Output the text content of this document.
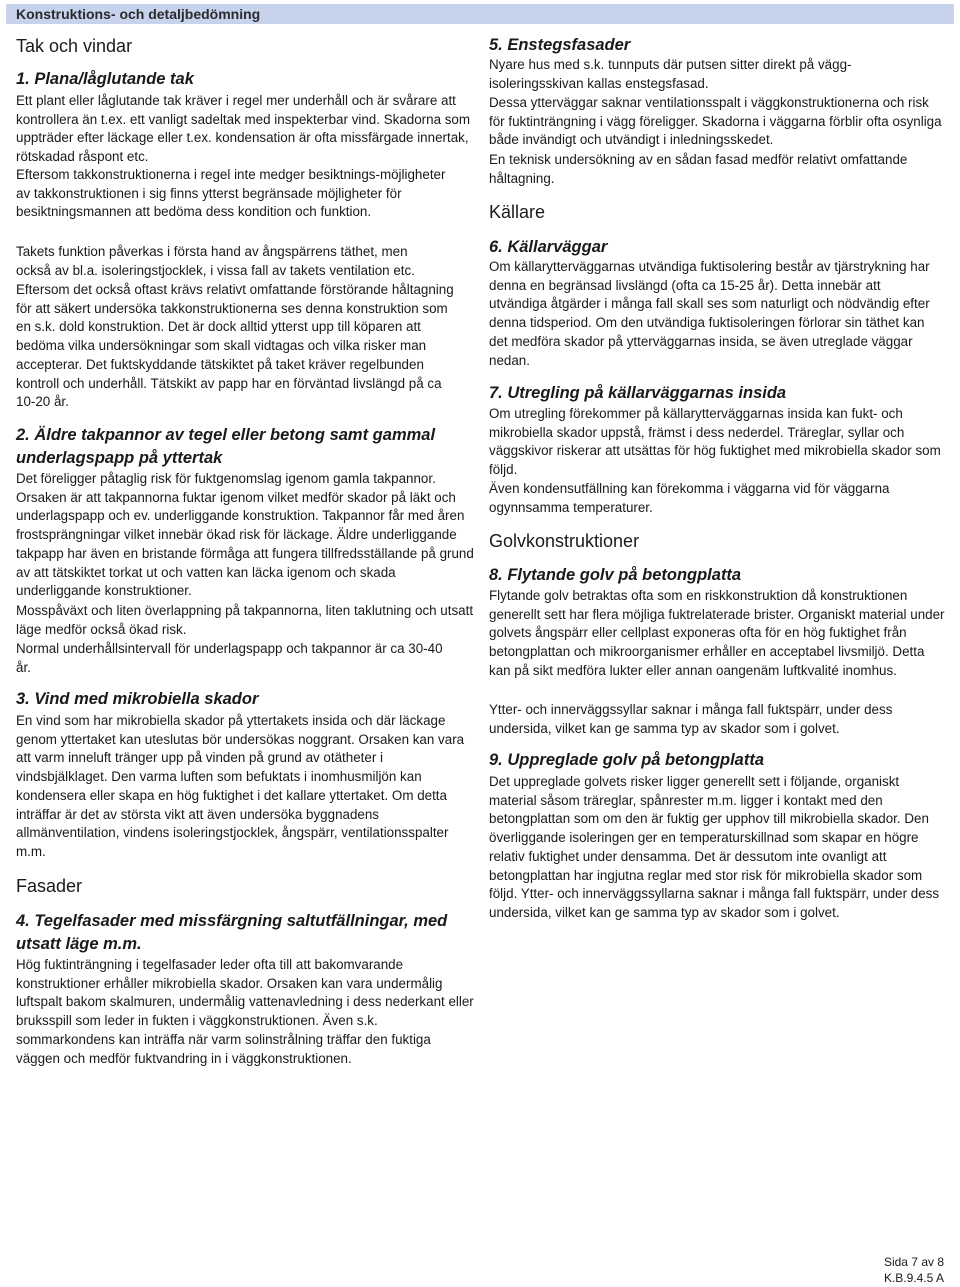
Konstruktions- och detaljbedömning
Tak och vindar
1. Plana/låglutande tak

Ett plant eller låglutande tak kräver i regel mer underhåll och är svårare att kontrollera än t.ex. ett vanligt sadeltak med inspekterbar vind. Skadorna som uppträder efter läckage eller t.ex. kondensation är ofta missfärgade innertak, rötskadad råspont etc.

Eftersom takkonstruktionerna i regel inte medger besiktnings-möjligheter av takkonstruktionen i sig finns ytterst begränsade möjligheter för besiktningsmannen att bedöma dess kondition och funktion.

Takets funktion påverkas i första hand av ångspärrens täthet, men också av bl.a. isoleringstjocklek, i vissa fall av takets ventilation etc.

Eftersom det också oftast krävs relativt omfattande förstörande håltagning för att säkert undersöka takkonstruktionerna ses denna konstruktion som en s.k. dold konstruktion. Det är dock alltid ytterst upp till köparen att bedöma vilka undersökningar som skall vidtagas och vilka risker man accepterar. Det fuktskyddande tätskiktet på taket kräver regelbunden kontroll och underhåll. Tätskikt av papp har en förväntad livslängd på ca 10-20 år.

2. Äldre takpannor av tegel eller betong samt gammal underlagspapp på yttertak

Det föreligger påtaglig risk för fuktgenomslag igenom gamla takpannor. Orsaken är att takpannorna fuktar igenom vilket medför skador på läkt och underlagspapp och ev. underliggande konstruktion. Takpannor får med åren frostsprängningar vilket innebär ökad risk för läckage. Äldre underliggande takpapp har även en bristande förmåga att fungera tillfredsställande på grund av att tätskiktet torkat ut och vatten kan läcka igenom och skada underliggande konstruktioner.

Mosspåväxt och liten överlappning på takpannorna, liten taklutning och utsatt läge medför också ökad risk.

Normal underhållsintervall för underlagspapp och takpannor är ca 30-40 år.

3. Vind med mikrobiella skador

En vind som har mikrobiella skador på yttertakets insida och där läckage genom yttertaket kan uteslutas bör undersökas noggrant. Orsaken kan vara att varm inneluft tränger upp på vinden på grund av otätheter i vindsbjälklaget. Den varma luften som befuktats i inomhusmiljön kan kondensera eller skapa en hög fuktighet i det kallare yttertaket. Om detta inträffar är det av största vikt att även undersöka byggnadens allmänventilation, vindens isoleringstjocklek, ångspärr, ventilationsspalter m.m.

Fasader
4. Tegelfasader med missfärgning saltutfällningar, med utsatt läge m.m.

Hög fuktinträngning i tegelfasader leder ofta till att bakomvarande konstruktioner erhåller mikrobiella skador. Orsaken kan vara undermålig luftspalt bakom skalmuren, undermålig vattenavledning i dess nederkant eller bruksspill som leder in fukten i väggkonstruktionen. Även s.k. sommarkondens kan inträffa när varm solinstrålning träffar den fuktiga väggen och medför fuktvandring in i väggkonstruktionen.

5. Enstegsfasader

Nyare hus med s.k. tunnputs där putsen sitter direkt på vägg-isoleringsskivan kallas enstegsfasad.

Dessa ytterväggar saknar ventilationsspalt i väggkonstruktionerna och risk för fuktinträngning i vägg föreligger. Skadorna i väggarna förblir ofta osynliga både invändigt och utvändigt i inledningsskedet.

En teknisk undersökning av en sådan fasad medför relativt omfattande håltagning.

Källare
6. Källarväggar

Om källarytterväggarnas utvändiga fuktisolering består av tjärstrykning har denna en begränsad livslängd (ofta ca 15-25 år). Detta innebär att utvändiga åtgärder i många fall skall ses som naturligt och nödvändig efter denna tidsperiod. Om den utvändiga fuktisoleringen förlorar sin täthet kan det medföra skador på ytterväggarnas insida, se även utreglade väggar nedan.

7. Utregling på källarväggarnas insida

Om utregling förekommer på källarytterväggarnas insida kan fukt- och mikrobiella skador uppstå, främst i dess nederdel. Träreglar, syllar och väggskivor riskerar att utsättas för hög fuktighet med mikrobiella skador som följd.

Även kondensutfällning kan förekomma i väggarna vid för väggarna ogynnsamma temperaturer.

Golvkonstruktioner
8. Flytande golv på betongplatta

Flytande golv betraktas ofta som en riskkonstruktion då konstruktionen generellt sett har flera möjliga fuktrelaterade brister. Organiskt material under golvets ångspärr eller cellplast exponeras ofta för en hög fuktighet från betongplattan och mikroorganismer erhåller en acceptabel livsmiljö. Detta kan på sikt medföra lukter eller annan oangenäm luftkvalité inomhus.

Ytter- och innerväggssyllar saknar i många fall fuktspärr, under dess undersida, vilket kan ge samma typ av skador som i golvet.

9. Uppreglade golv på betongplatta

Det uppreglade golvets risker ligger generellt sett i följande, organiskt material såsom träreglar, spånrester m.m. ligger i kontakt med den betongplattan som om den är fuktig ger upphov till mikrobiella skador. Den överliggande isoleringen ger en temperaturskillnad som skapar en högre relativ fuktighet under densamma. Det är dessutom inte ovanligt att betongplattan har ingjutna reglar med stor risk för mikrobiella skador som följd. Ytter- och innerväggssyllarna saknar i många fall fuktspärr, under dess undersida, vilket kan ge samma typ av skador som i golvet.

Sida 7 av 8
K.B.9.4.5 A
